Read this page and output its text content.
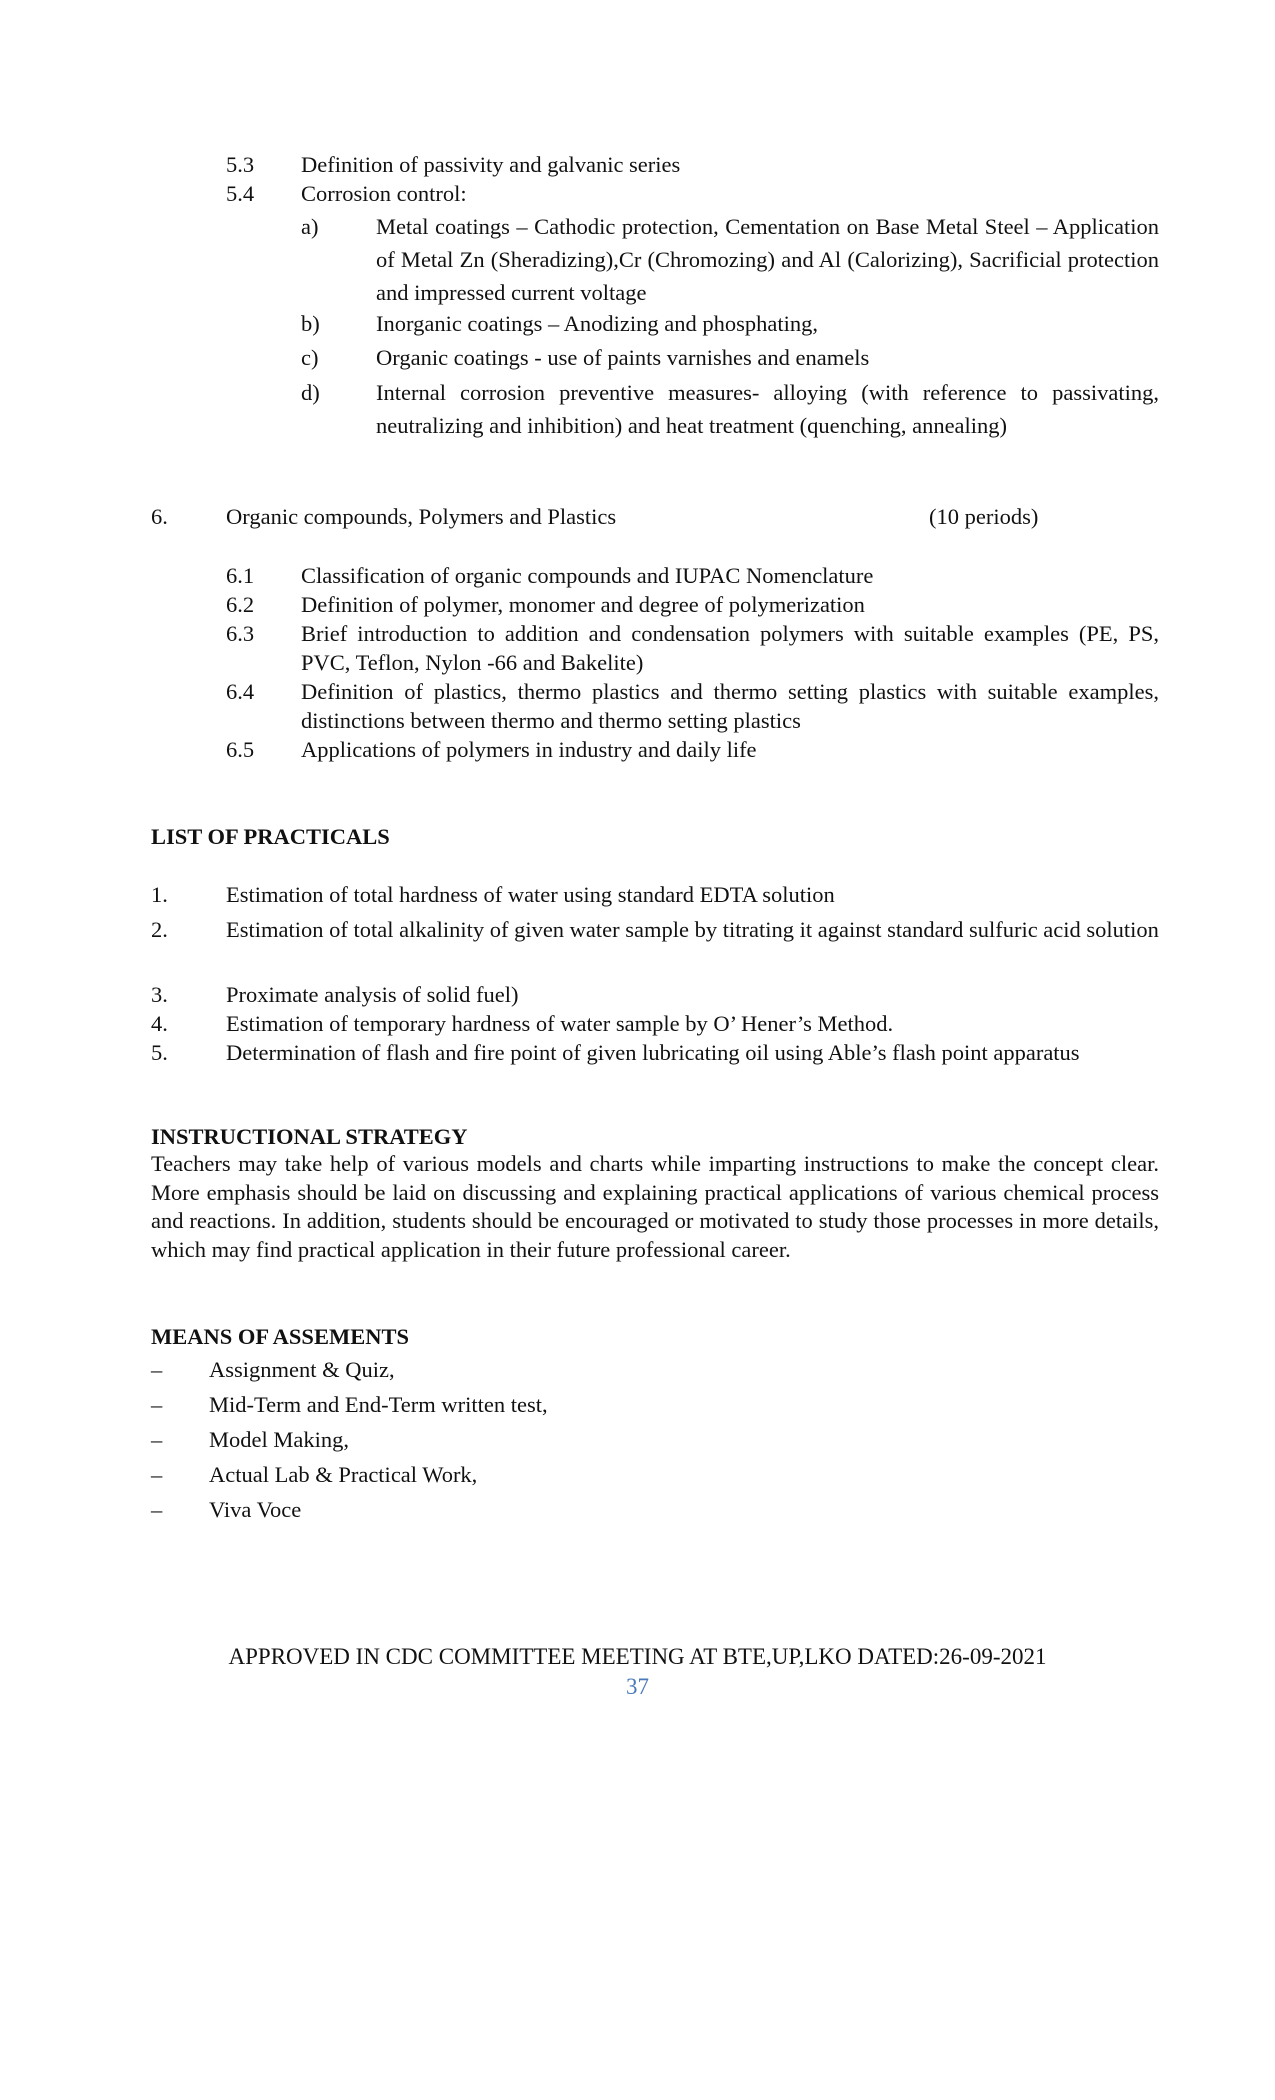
5.3	Definition of passivity and galvanic series
5.4	Corrosion control:
a)	Metal coatings – Cathodic protection, Cementation on Base Metal Steel – Application of Metal Zn (Sheradizing),Cr (Chromozing) and Al (Calorizing), Sacrificial protection and impressed current voltage
b)	Inorganic coatings – Anodizing and phosphating,
c)	Organic coatings - use of paints varnishes and enamels
d)	Internal corrosion preventive measures- alloying (with reference to passivating, neutralizing and inhibition) and heat treatment (quenching, annealing)
6.	Organic compounds, Polymers and Plastics	(10 periods)
6.1	Classification of organic compounds and IUPAC Nomenclature
6.2	Definition of polymer, monomer and degree of polymerization
6.3	Brief introduction to addition and condensation polymers with suitable examples (PE, PS, PVC, Teflon, Nylon -66 and Bakelite)
6.4	Definition of plastics, thermo plastics and thermo setting plastics with suitable examples, distinctions between thermo and thermo setting plastics
6.5	Applications of polymers in industry and daily life
LIST OF PRACTICALS
1.	Estimation of total hardness of water using standard EDTA solution
2.	Estimation of total alkalinity of given water sample by titrating it against standard sulfuric acid solution
3.	Proximate analysis of solid fuel)
4.	Estimation of temporary hardness of water sample by O’ Hener’s Method.
5.	Determination of flash and fire point of given lubricating oil using Able’s flash point apparatus
INSTRUCTIONAL STRATEGY
Teachers may take help of various models and charts while imparting instructions to make the concept clear. More emphasis should be laid on discussing and explaining practical applications of various chemical process and reactions. In addition, students should be encouraged or motivated to study those processes in more details, which may find practical application in their future professional career.
MEANS OF ASSEMENTS
–	Assignment & Quiz,
–	Mid-Term and End-Term written test,
–	Model Making,
–	Actual Lab & Practical Work,
–	Viva Voce
APPROVED IN CDC COMMITTEE MEETING AT BTE,UP,LKO DATED:26-09-2021
37
